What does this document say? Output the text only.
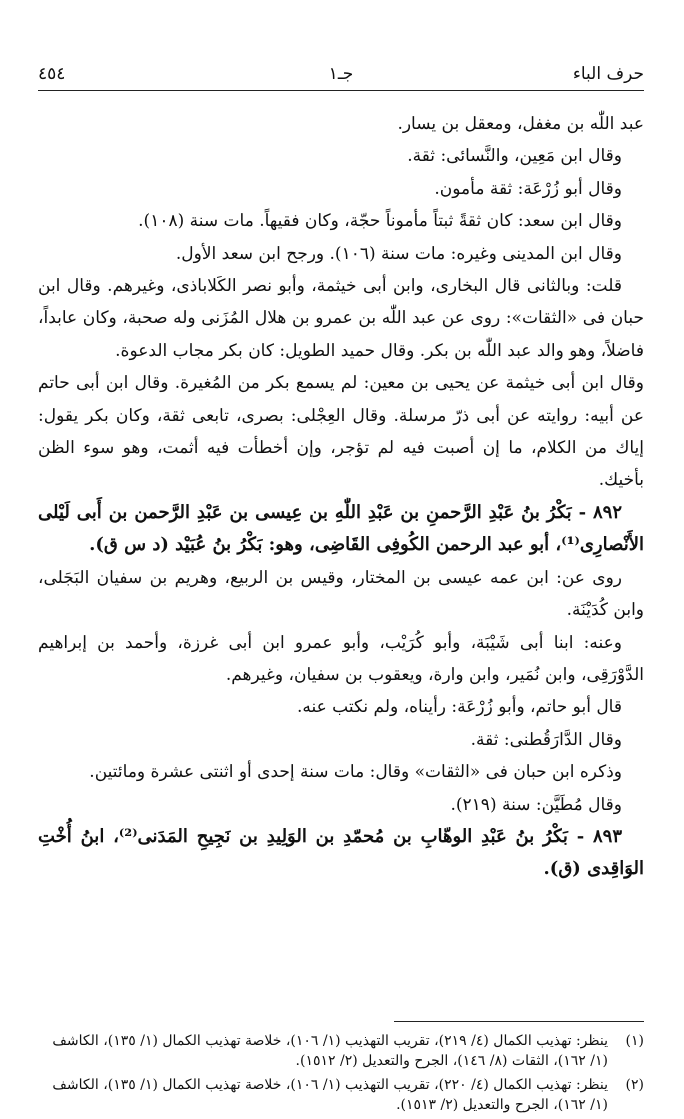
حرف الباء
جـ١
٤٥٤

عبد اللّٰه بن مغفل، ومعقل بن يسار.

وقال ابن مَعِين، والنَّسائى: ثقة.

وقال أبو زُرْعَة: ثقة مأمون.

وقال ابن سعد: كان ثقةً ثبتاً مأموناً حجّة، وكان فقيهاً. مات سنة (١٠٨).

وقال ابن المدينى وغيره: مات سنة (١٠٦). ورجح ابن سعد الأول.

قلت: وبالثانى قال البخارى، وابن أبى خيثمة، وأبو نصر الكَلاباذى، وغيرهم. وقال ابن حبان فى «الثقات»: روى عن عبد اللّٰه بن عمرو بن هلال المُزَنى وله صحبة، وكان عابداً، فاضلاً، وهو والد عبد اللّٰه بن بكر. وقال حميد الطويل: كان بكر مجاب الدعوة.

وقال ابن أبى خيثمة عن يحيى بن معين: لم يسمع بكر من المُغيرة. وقال ابن أبى حاتم عن أبيه: روايته عن أبى ذرّ مرسلة. وقال العِجْلى: بصرى، تابعى ثقة، وكان بكر يقول: إياك من الكلام، ما إن أصبت فيه لم تؤجر، وإن أخطأت فيه أثمت، وهو سوء الظن بأخيك.

٨٩٢ - بَكْرُ بنُ عَبْدِ الرَّحمنِ بن عَبْدِ اللّٰهِ بن عِيسى بن عَبْدِ الرَّحمن بن أَبى لَيْلى الأَنْصارِى⁽¹⁾، أبو عبد الرحمن الكُوفِى القَاضِى، وهو: بَكْرُ بنُ عُبَيْد (د س ق).

روى عن: ابن عمه عيسى بن المختار، وقيس بن الربيع، وهريم بن سفيان البَجَلى، وابن كُدَيْنَة.

وعنه: ابنا أبى شَيْبَة، وأبو كُرَيْب، وأبو عمرو ابن أبى غرزة، وأحمد بن إبراهيم الدَّوْرَقِى، وابن نُمَير، وابن وارة، ويعقوب بن سفيان، وغيرهم.

قال أبو حاتم، وأبو زُرْعَة: رأيناه، ولم نكتب عنه.

وقال الدَّارَقُطنى: ثقة.

وذكره ابن حبان فى «الثقات» وقال: مات سنة إحدى أو اثنتى عشرة ومائتين.

وقال مُطَيَّن: سنة (٢١٩).

٨٩٣ - بَكْرُ بنُ عَبْدِ الوهّابِ بن مُحمّدِ بن الوَلِيدِ بن نَجِيحِ المَدَنى⁽²⁾، ابنُ أُخْتِ الوَاقِدى (ق).

(١)
ينظر: تهذيب الكمال (٤/ ٢١٩)، تقريب التهذيب (١/ ١٠٦)، خلاصة تهذيب الكمال (١/ ١٣٥)، الكاشف (١/ ١٦٢)، الثقات (٨/ ١٤٦)، الجرح والتعديل (٢/ ١٥١٢).
(٢)
ينظر: تهذيب الكمال (٤/ ٢٢٠)، تقريب التهذيب (١/ ١٠٦)، خلاصة تهذيب الكمال (١/ ١٣٥)، الكاشف (١/ ١٦٢)، الجرح والتعديل (٢/ ١٥١٣).
